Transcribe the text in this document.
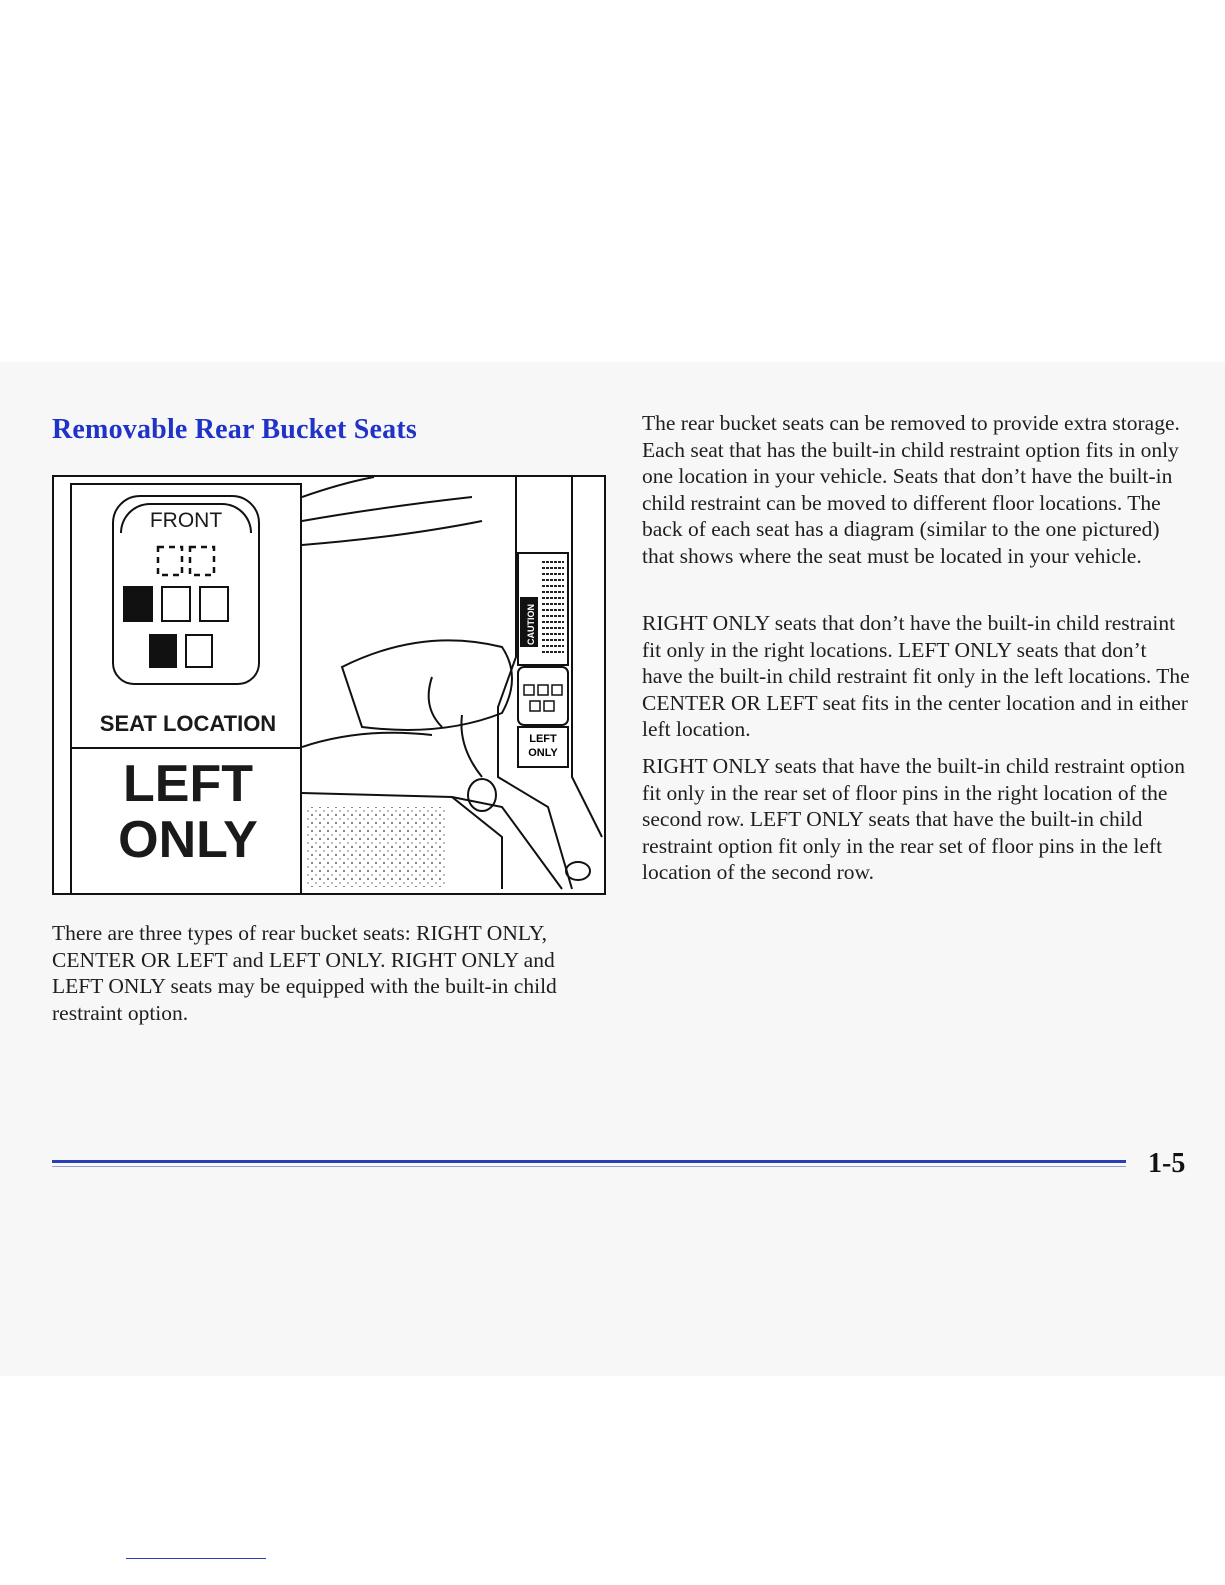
Removable Rear Bucket Seats
FRONT
SEAT LOCATION
LEFT
ONLY
CAUTION
LEFT
ONLY

There are three types of rear bucket seats: RIGHT ONLY, CENTER OR LEFT and LEFT ONLY. RIGHT ONLY and LEFT ONLY seats may be equipped with the built-in child restraint option.

The rear bucket seats can be removed to provide extra storage. Each seat that has the built-in child restraint option fits in only one location in your vehicle. Seats that don’t have the built-in child restraint can be moved to different floor locations. The back of each seat has a diagram (similar to the one pictured) that shows where the seat must be located in your vehicle.

RIGHT ONLY seats that don’t have the built-in child restraint fit only in the right locations. LEFT ONLY seats that don’t have the built-in child restraint fit only in the left locations. The CENTER OR LEFT seat fits in the center location and in either left location.

RIGHT ONLY seats that have the built-in child restraint option fit only in the rear set of floor pins in the right location of the second row. LEFT ONLY seats that have the built-in child restraint option fit only in the rear set of floor pins in the left location of the second row.

1-5
